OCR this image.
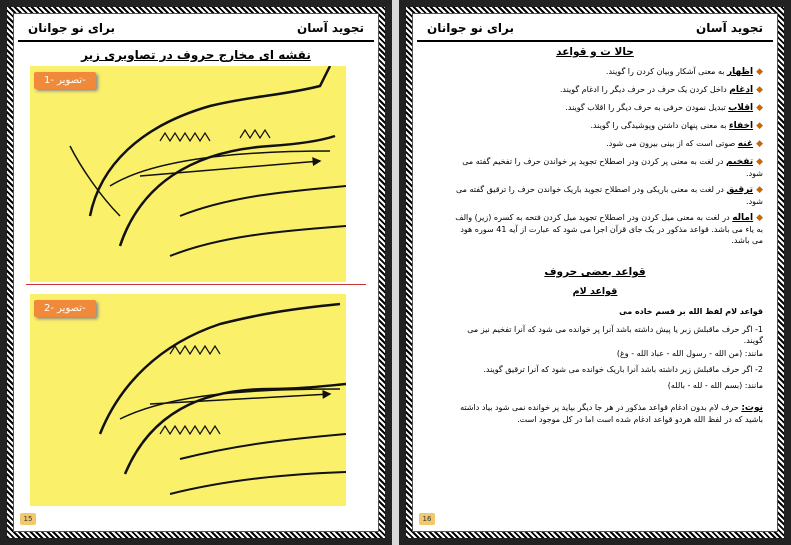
برای نو جوانان	تجوید آسان
نقشه ای مخارج حروف در تصاویری زیر
تصویر -1-
تصویر -2-
15
برای نو جوانان	تجوید آسان
حالا ت و قواعد
◆اظهار به معنی آشکار وبیان کردن را گویند.
◆ادغام داخل کردن یک حرف در حرف دیگر را ادغام گویند.
◆اقلاب تبدیل نمودن حرفی به حرف دیگر را اقلاب گویند.
◆اخفاء به معنی پنهان داشتن وپوشیدگی را گویند.
◆غنه صوتی است که از بینی بیرون می شود.
◆تفخیم در لغت به معنی پر کردن ودر اصطلاح تجوید پر خواندن حرف را تفخیم گفته می شود.
◆ترقیق در لغت به معنی باریکی ودر اصطلاح تجوید باریک خواندن حرف را ترقیق گفته می شود.
◆اماله در لغت به معنی میل کردن ودر اصطلاح تجوید میل کردن فتحه به کسره (زیر) والف به یاء می باشد. قواعد مذکور در یک جای قرآن اجرا می شود که عبارت از آیه 41 سوره هود می باشد.
قواعد بعضی حروف
قواعد لام
قواعد لام لفظ الله بر قسم خاده می
1- اگر حرف ماقبلش زبر یا پیش داشته باشد آنرا پر خوانده می شود که آنرا تفخیم نیز می گویند.
مانند: (من الله - رسول الله - عباد الله - وغ)
2- اگر حرف ماقبلش زیر داشته باشد آنرا باریک خوانده می شود که آنرا ترقیق گویند.
مانند: (بسم الله - لله - بالله)
نوت: حرف لام بدون ادغام قواعد مذکور در هر جا دیگر بیاید پر خوانده نمی شود بیاد داشته باشید که در لفظ الله هردو قواعد ادغام شده است اما در کل موجود است.
16
